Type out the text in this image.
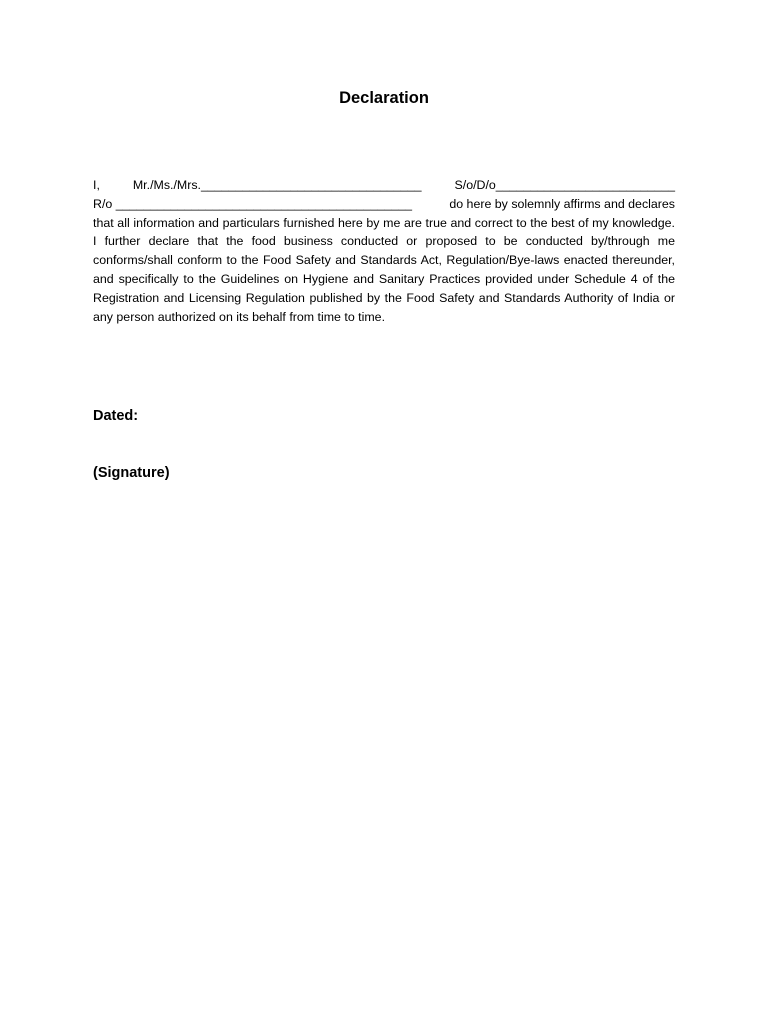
Declaration
I,	Mr./Ms./Mrs.________________________________	S/o/D/o__________________________
R/o ___________________________________________	do here by solemnly affirms and declares
that all information and particulars furnished here by me are true and correct to the best of my knowledge. I further declare that the food business conducted or proposed to be conducted by/through me conforms/shall conform to the Food Safety and Standards Act, Regulation/Bye-laws enacted thereunder, and specifically to the Guidelines on Hygiene and Sanitary Practices provided under Schedule 4 of the Registration and Licensing Regulation published by the Food Safety and Standards Authority of India or any person authorized on its behalf from time to time.
Dated:
(Signature)
